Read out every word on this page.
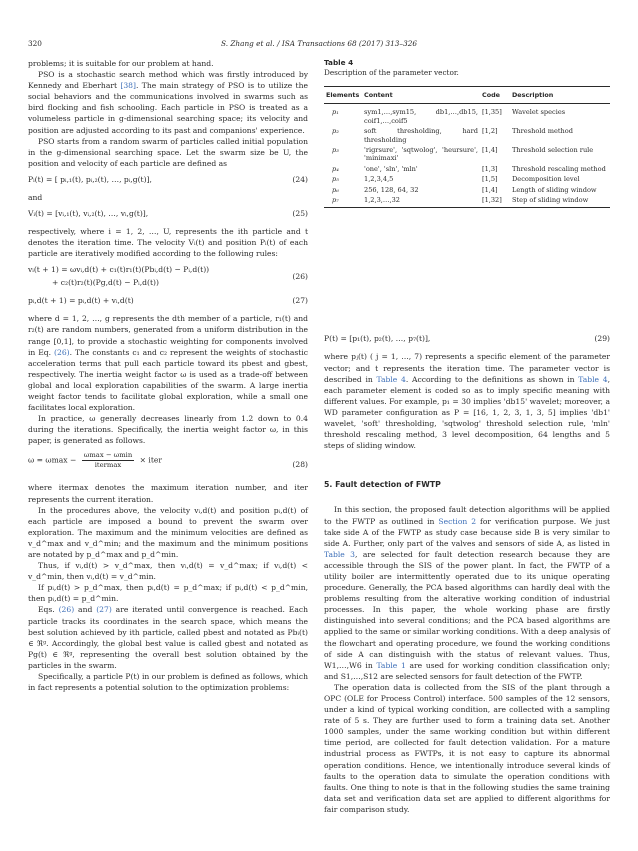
320	S. Zhang et al. / ISA Transactions 68 (2017) 313–326

problems; it is suitable for our problem at hand.

PSO is a stochastic search method which was firstly introduced by Kennedy and Eberhart [38]. The main strategy of PSO is to utilize the social behaviors and the communications involved in swarms such as bird flocking and fish schooling. Each particle in PSO is treated as a volumeless particle in g-dimensional searching space; its velocity and position are adjusted according to its past and companions' experience.

PSO starts from a random swarm of particles called initial population in the g-dimensional searching space. Let the swarm size be U, the position and velocity of each particle are defined as

Pᵢ(t) = [ pᵢ,₁(t), pᵢ,₂(t), …, pᵢ,g(t)],	(24)

and

Vᵢ(t) = [vᵢ,₁(t), vᵢ,₂(t), …, vᵢ,g(t)],	(25)

respectively, where i = 1, 2, …, U, represents the ith particle and t denotes the iteration time. The velocity Vᵢ(t) and position Pᵢ(t) of each particle are iteratively modified according to the following rules:

vᵢ(t + 1) = ωvᵢ,d(t) + c₁(t)r₁(t)(Pbᵢ,d(t) − Pᵢ,d(t))
+ c₂(t)r₂(t)(Pg,d(t) − Pᵢ,d(t))
(26)
pᵢ,d(t + 1) = pᵢ,d(t) + vᵢ,d(t)	(27)

where d = 1, 2, …, g represents the dth member of a particle, r₁(t) and r₂(t) are random numbers, generated from a uniform distribution in the range [0,1], to provide a stochastic weighting for components involved in Eq. (26). The constants c₁ and c₂ represent the weights of stochastic acceleration terms that pull each particle toward its pbest and gbest, respectively. The inertia weight factor ω is used as a trade-off between global and local exploration capabilities of the swarm. A large inertia weight factor tends to facilitate global exploration, while a small one facilitates local exploration.

In practice, ω generally decreases linearly from 1.2 down to 0.4 during the iterations. Specifically, the inertia weight factor ω, in this paper, is generated as follows.

ω = ωmax −
ωmax − ωmin
itermax
× iter	(28)

where itermax denotes the maximum iteration number, and iter represents the current iteration.

In the procedures above, the velocity vᵢ,d(t) and position pᵢ,d(t) of each particle are imposed a bound to prevent the swarm over exploration. The maximum and the minimum velocities are defined as v_d^max and v_d^min; and the maximum and the minimum positions are notated by p_d^max and p_d^min.

Thus, if vᵢ,d(t) > v_d^max, then vᵢ,d(t) = v_d^max; if vᵢ,d(t) < v_d^min, then vᵢ,d(t) = v_d^min.

If pᵢ,d(t) > p_d^max, then pᵢ,d(t) = p_d^max; if pᵢ,d(t) < p_d^min, then pᵢ,d(t) = p_d^min.

Eqs. (26) and (27) are iterated until convergence is reached. Each particle tracks its coordinates in the search space, which means the best solution achieved by ith particle, called pbest and notated as Pbᵢ(t) ∈ ℜᵍ. Accordingly, the global best value is called gbest and notated as Pg(t) ∈ ℜᵍ, representing the overall best solution obtained by the particles in the swarm.

Specifically, a particle P(t) in our problem is defined as follows, which in fact represents a potential solution to the optimization problems:

Table 4
Description of the parameter vector.
Elements	Content	Code	Description
p₁	sym1,…,sym15, db1,…,db15, coif1,…,coif5	[1,35]	Wavelet species
p₂	soft thresholding, hard thresholding	[1,2]	Threshold method
p₃	'rigrsure', 'sqtwolog', 'heursure', 'minimaxi'	[1,4]	Threshold selection rule
p₄	'one', 'sln', 'mln'	[1,3]	Threshold rescaling method
p₅	1,2,3,4,5	[1,5]	Decomposition level
p₆	256, 128, 64, 32	[1,4]	Length of sliding window
p₇	1,2,3,…,32	[1,32]	Step of sliding window
P(t) = [p₁(t), p₂(t), …, p₇(t)],	(29)

where pⱼ(t) ( j = 1, …, 7) represents a specific element of the parameter vector; and t represents the iteration time. The parameter vector is described in Table 4. According to the definitions as shown in Table 4, each parameter element is coded so as to imply specific meaning with different values. For example, p₁ = 30 implies 'db15' wavelet; moreover, a WD parameter configuration as P = [16, 1, 2, 3, 1, 3, 5] implies 'db1' wavelet, 'soft' thresholding, 'sqtwolog' threshold selection rule, 'mln' threshold rescaling method, 3 level decomposition, 64 lengths and 5 steps of sliding window.

5. Fault detection of FWTP

In this section, the proposed fault detection algorithms will be applied to the FWTP as outlined in Section 2 for verification purpose. We just take side A of the FWTP as study case because side B is very similar to side A. Further, only part of the valves and sensors of side A, as listed in Table 3, are selected for fault detection research because they are accessible through the SIS of the power plant. In fact, the FWTP of a utility boiler are intermittently operated due to its unique operating procedure. Generally, the PCA based algorithms can hardly deal with the problems resulting from the alterative working condition of industrial processes. In this paper, the whole working phase are firstly distinguished into several conditions; and the PCA based algorithms are applied to the same or similar working conditions. With a deep analysis of the flowchart and operating procedure, we found the working conditions of side A can distinguish with the status of relevant values. Thus, W1,…,W6 in Table 1 are used for working condition classification only; and S1,…,S12 are selected sensors for fault detection of the FWTP.

The operation data is collected from the SIS of the plant through a OPC (OLE for Process Control) interface. 500 samples of the 12 sensors, under a kind of typical working condition, are collected with a sampling rate of 5 s. They are further used to form a training data set. Another 1000 samples, under the same working condition but within different time period, are collected for fault detection validation. For a mature industrial process as FWTPs, it is not easy to capture its abnormal operation conditions. Hence, we intentionally introduce several kinds of faults to the operation data to simulate the operation conditions with faults. One thing to note is that in the following studies the same training data set and verification data set are applied to different algorithms for fair comparison study.
